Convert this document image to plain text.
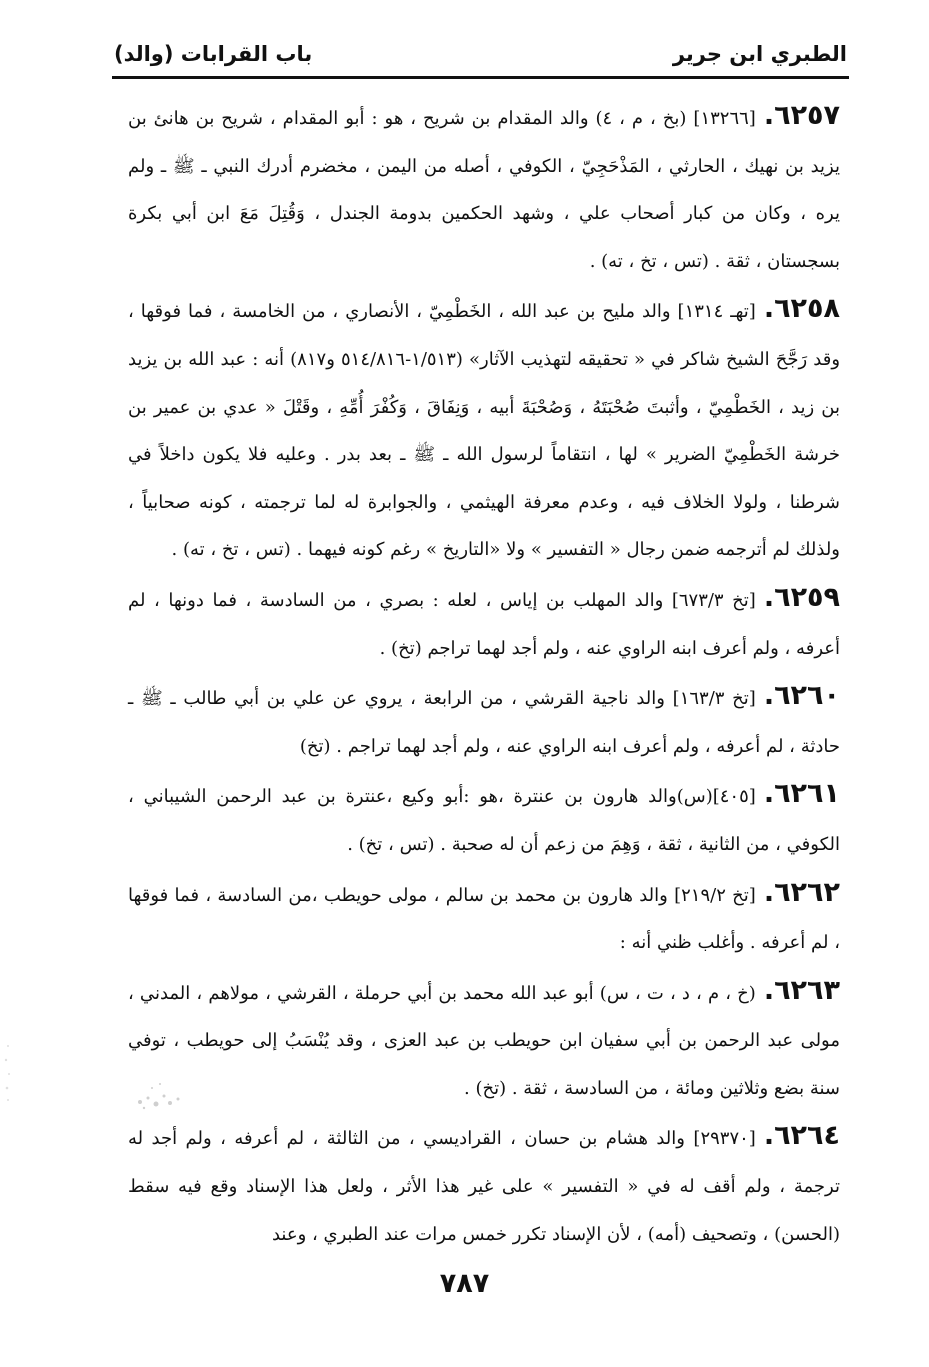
الطبري ابن جرير
باب القرابات (والد)

٦٢٥٧.[١٣٢٦٦] (بخ ، م ، ٤) والد المقدام بن شريح ، هو : أبو المقدام ، شريح بن هانئ بن يزيد بن نهيك ، الحارثي ، المَذْحَجِيّ ، الكوفي ، أصله من اليمن ، مخضرم أدرك النبي ـ ﷺ ـ ولم يره ، وكان من كبار أصحاب علي ، وشهد الحكمين بدومة الجندل ، وَقُتِلَ مَعَ ابن أبي بكرة بسجستان ، ثقة . (تس ، تخ ، ته) .

٦٢٥٨.[تهـ ١٣١٤] والد مليح بن عبد الله ، الخَطْمِيّ ، الأنصاري ، من الخامسة ، فما فوقها ، وقد رَجَّحَ الشيخ شاكر في « تحقيقه لتهذيب الآثار» (١/٥١٣-٥١٤/٨١٦ و٨١٧) أنه : عبد الله بن يزيد بن زيد ، الخَطْمِيّ ، وأثبتَ صُحْبَتَهُ ، وَصُحْبَةَ أبيه ، وَنِفَاقَ ، وَكُفْرَ أُمِّهِ ، وقَتْلَ « عدي بن عمير بن خرشة الخَطْمِيّ الضرير » لها ، انتقاماً لرسول الله ـ ﷺ ـ بعد بدر . وعليه فلا يكون داخلاً في شرطنا ، ولولا الخلاف فيه ، وعدم معرفة الهيثمي ، والجوابرة له لما ترجمته ، كونه صحابياً ، ولذلك لم أترجمه ضمن رجال « التفسير » ولا «التاريخ » رغم كونه فيهما . (تس ، تخ ، ته) .

٦٢٥٩.[تخ ٦٧٣/٣] والد المهلب بن إياس ، لعله : بصري ، من السادسة ، فما دونها ، لم أعرفه ، ولم أعرف ابنه الراوي عنه ، ولم أجد لهما تراجم (تخ) .

٦٢٦٠.[تخ ١٦٣/٣] والد ناجية القرشي ، من الرابعة ، يروي عن علي بن أبي طالب ـ ﷺ ـ حادثة ، لم أعرفه ، ولم أعرف ابنه الراوي عنه ، ولم أجد لهما تراجم . (تخ)

٦٢٦١.[٤٠٥](س)والد هارون بن عنترة ،هو :أبو وكيع ،عنترة بن عبد الرحمن الشيباني ، الكوفي ، من الثانية ، ثقة ، وَهِمَ من زعم أن له صحبة . (تس ، تخ) .

٦٢٦٢.[تخ ٢١٩/٢] والد هارون بن محمد بن سالم ، مولى حويطب ،من السادسة ، فما فوقها ، لم أعرفه . وأغلب ظني أنه :

٦٢٦٣.(خ ، م ، د ، ت ، س) أبو عبد الله محمد بن أبي حرملة ، القرشي ، مولاهم ، المدني ، مولى عبد الرحمن بن أبي سفيان ابن حويطب بن عبد العزى ، وقد يُنْسَبُ إلى حويطب ، توفي سنة بضع وثلاثين ومائة ، من السادسة ، ثقة . (تخ) .

٦٢٦٤.[٢٩٣٧٠] والد هشام بن حسان ، القراديسي ، من الثالثة ، لم أعرفه ، ولم أجد له ترجمة ، ولم أقف له في « التفسير » على غير هذا الأثر ، ولعل هذا الإسناد وقع فيه سقط (الحسن) ، وتصحيف (أمه) ، لأن الإسناد تكرر خمس مرات عند الطبري ، وعند

٧٨٧
